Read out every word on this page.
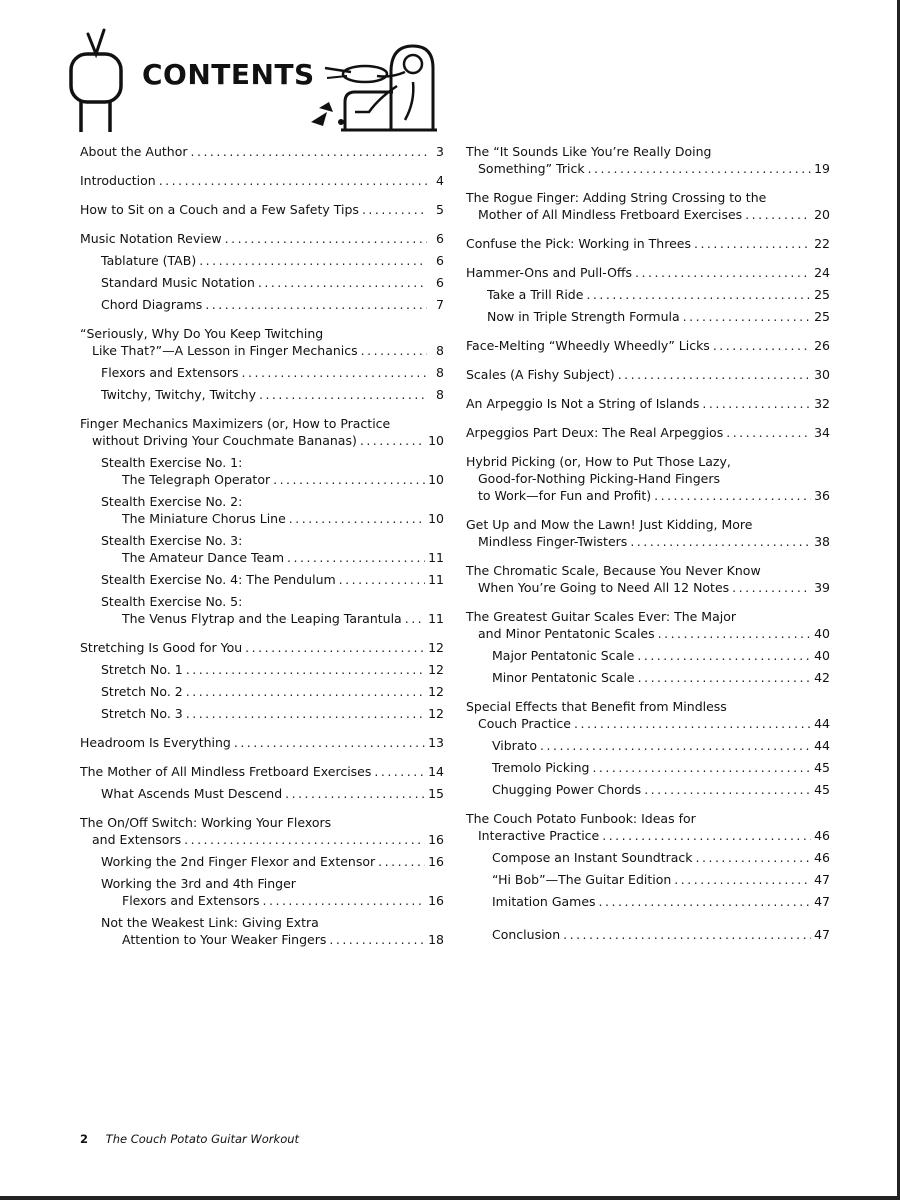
CONTENTS
About the Author .....	3
Introduction .....	4
How to Sit on a Couch and a Few Safety Tips .....	5
Music Notation Review .....	6
Tablature (TAB) .....	6
Standard Music Notation .....	6
Chord Diagrams .....	7
“Seriously, Why Do You Keep Twitching
Like That?”—A Lesson in Finger Mechanics .....	8
Flexors and Extensors .....	8
Twitchy, Twitchy, Twitchy .....	8
Finger Mechanics Maximizers (or, How to Practice
without Driving Your Couchmate Bananas) .....	10
Stealth Exercise No. 1:
The Telegraph Operator .....	10
Stealth Exercise No. 2:
The Miniature Chorus Line .....	10
Stealth Exercise No. 3:
The Amateur Dance Team .....	11
Stealth Exercise No. 4: The Pendulum .....	11
Stealth Exercise No. 5:
The Venus Flytrap and the Leaping Tarantula ..... 11
Stretching Is Good for You .....	12
Stretch No. 1 .....	12
Stretch No. 2 .....	12
Stretch No. 3 .....	12
Headroom Is Everything .....	13
The Mother of All Mindless Fretboard Exercises .....	14
What Ascends Must Descend .....	15
The On/Off Switch: Working Your Flexors
and Extensors .....	16
Working the 2nd Finger Flexor and Extensor .....	16
Working the 3rd and 4th Finger
Flexors and Extensors .....	16
Not the Weakest Link: Giving Extra
Attention to Your Weaker Fingers .....	18
The “It Sounds Like You’re Really Doing
Something” Trick .....	19
The Rogue Finger: Adding String Crossing to the
Mother of All Mindless Fretboard Exercises .....	20
Confuse the Pick: Working in Threes .....	22
Hammer-Ons and Pull-Offs .....	24
Take a Trill Ride .....	25
Now in Triple Strength Formula .....	25
Face-Melting “Wheedly Wheedly” Licks .....	26
Scales (A Fishy Subject) .....	30
An Arpeggio Is Not a String of Islands .....	32
Arpeggios Part Deux: The Real Arpeggios .....	34
Hybrid Picking (or, How to Put Those Lazy,
Good-for-Nothing Picking-Hand Fingers
to Work—for Fun and Profit) .....	36
Get Up and Mow the Lawn! Just Kidding, More
Mindless Finger-Twisters .....	38
The Chromatic Scale, Because You Never Know
When You’re Going to Need All 12 Notes .....	39
The Greatest Guitar Scales Ever: The Major
and Minor Pentatonic Scales .....	40
Major Pentatonic Scale .....	40
Minor Pentatonic Scale .....	42
Special Effects that Benefit from Mindless
Couch Practice .....	44
Vibrato .....	44
Tremolo Picking .....	45
Chugging Power Chords .....	45
The Couch Potato Funbook: Ideas for
Interactive Practice .....	46
Compose an Instant Soundtrack .....	46
“Hi Bob”—The Guitar Edition .....	47
Imitation Games .....	47
Conclusion .....	47
2 The Couch Potato Guitar Workout
